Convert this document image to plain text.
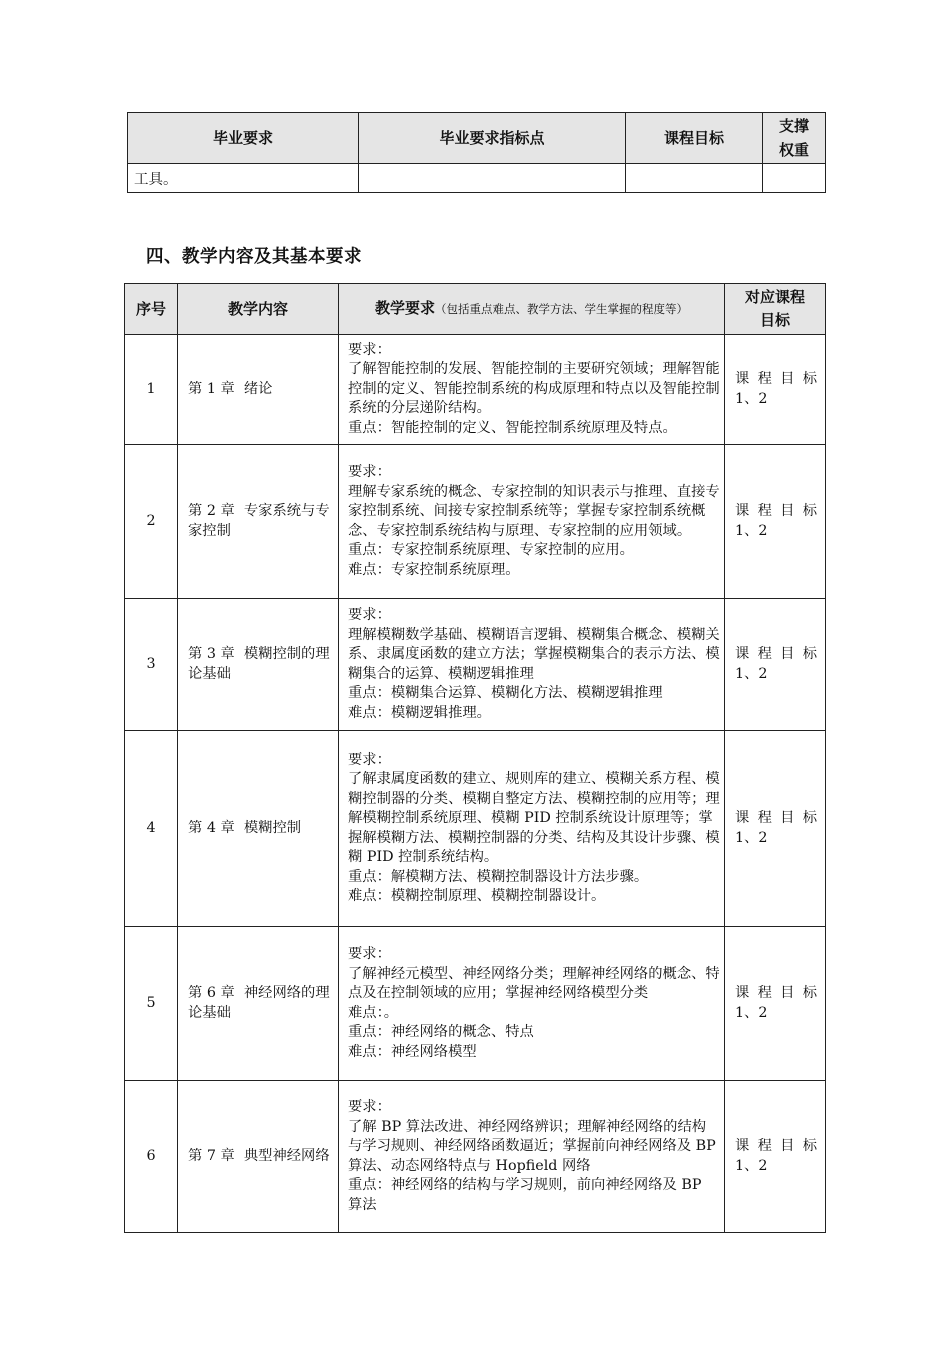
毕业要求	毕业要求指标点	课程目标	支撑
权重

工具。			
四、教学内容及其基本要求
序号	教学内容	教学要求（包括重点难点、教学方法、学生掌握的程度等）	对应课程
目标

1	第 1 章  绪论	要求：
了解智能控制的发展、智能控制的主要研究领域；理解智能控制的定义、智能控制系统的构成原理和特点以及智能控制系统的分层递阶结构。
重点：智能控制的定义、智能控制系统原理及特点。	课程目标
1、2

2	第 2 章  专家系统与专家控制	要求：
理解专家系统的概念、专家控制的知识表示与推理、直接专家控制系统、间接专家控制系统等；掌握专家控制系统概念、专家控制系统结构与原理、专家控制的应用领域。
重点：专家控制系统原理、专家控制的应用。
难点：专家控制系统原理。	课程目标
1、2

3	第 3 章  模糊控制的理论基础	要求：
理解模糊数学基础、模糊语言逻辑、模糊集合概念、模糊关系、隶属度函数的建立方法；掌握模糊集合的表示方法、模糊集合的运算、模糊逻辑推理
重点：模糊集合运算、模糊化方法、模糊逻辑推理
难点：模糊逻辑推理。	课程目标
1、2

4	第 4 章  模糊控制	要求：
了解隶属度函数的建立、规则库的建立、模糊关系方程、模糊控制器的分类、模糊自整定方法、模糊控制的应用等；理解模糊控制系统原理、模糊 PID 控制系统设计原理等；掌握解模糊方法、模糊控制器的分类、结构及其设计步骤、模糊 PID 控制系统结构。
重点：解模糊方法、模糊控制器设计方法步骤。
难点：模糊控制原理、模糊控制器设计。	课程目标
1、2

5	第 6 章  神经网络的理论基础	要求：
了解神经元模型、神经网络分类；理解神经网络的概念、特点及在控制领域的应用；掌握神经网络模型分类
难点：。
重点：神经网络的概念、特点
难点：神经网络模型	课程目标
1、2

6	第 7 章  典型神经网络	要求：
了解 BP 算法改进、神经网络辨识；理解神经网络的结构与学习规则、神经网络函数逼近；掌握前向神经网络及 BP 算法、动态网络特点与 Hopfield 网络
重点：神经网络的结构与学习规则，前向神经网络及 BP 算法	课程目标
1、2
